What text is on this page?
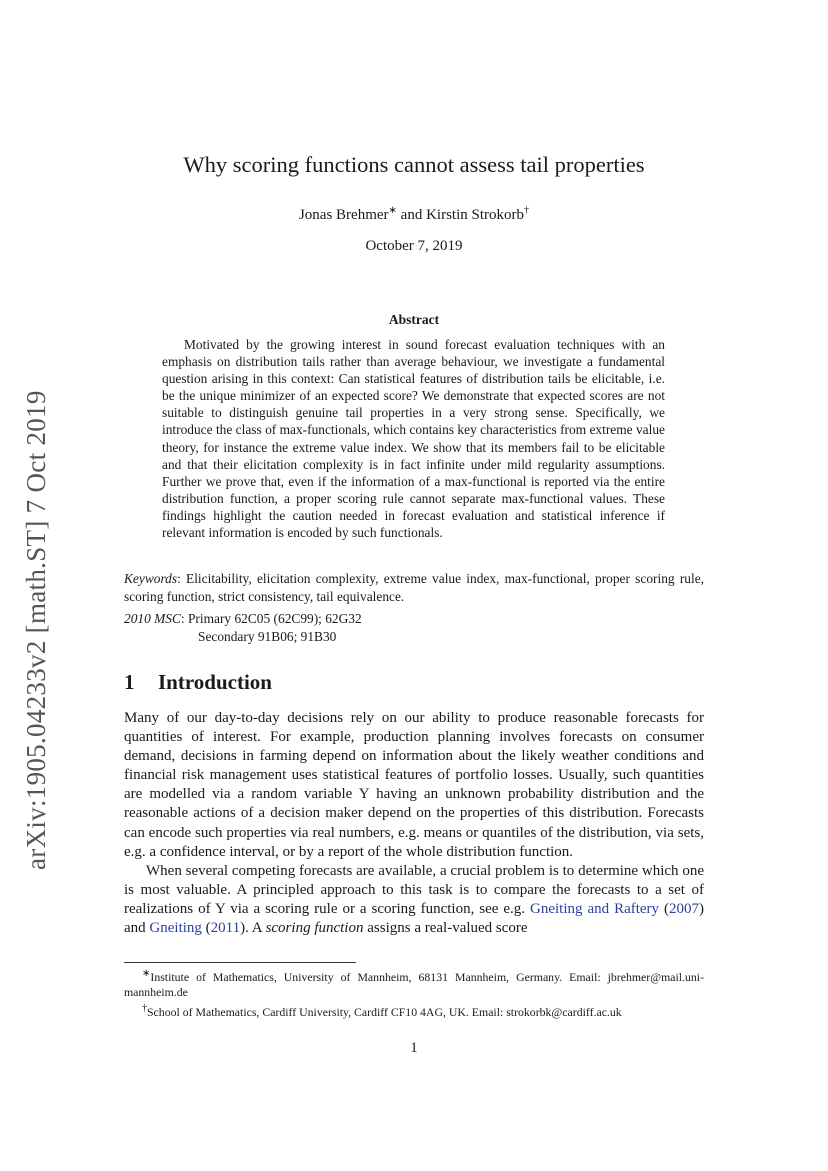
arXiv:1905.04233v2 [math.ST] 7 Oct 2019
Why scoring functions cannot assess tail properties
Jonas Brehmer∗ and Kirstin Strokorb†
October 7, 2019
Abstract

Motivated by the growing interest in sound forecast evaluation techniques with an emphasis on distribution tails rather than average behaviour, we investigate a fundamental question arising in this context: Can statistical features of distribution tails be elicitable, i.e. be the unique minimizer of an expected score? We demonstrate that expected scores are not suitable to distinguish genuine tail properties in a very strong sense. Specifically, we introduce the class of max-functionals, which contains key characteristics from extreme value theory, for instance the extreme value index. We show that its members fail to be elicitable and that their elicitation complexity is in fact infinite under mild regularity assumptions. Further we prove that, even if the information of a max-functional is reported via the entire distribution function, a proper scoring rule cannot separate max-functional values. These findings highlight the caution needed in forecast evaluation and statistical inference if relevant information is encoded by such functionals.

Keywords: Elicitability, elicitation complexity, extreme value index, max-functional, proper scoring rule, scoring function, strict consistency, tail equivalence.

2010 MSC: Primary 62C05 (62C99); 62G32
Secondary 91B06; 91B30
1 Introduction

Many of our day-to-day decisions rely on our ability to produce reasonable forecasts for quantities of interest. For example, production planning involves forecasts on consumer demand, decisions in farming depend on information about the likely weather conditions and financial risk management uses statistical features of portfolio losses. Usually, such quantities are modelled via a random variable Y having an unknown probability distribution and the reasonable actions of a decision maker depend on the properties of this distribution. Forecasts can encode such properties via real numbers, e.g. means or quantiles of the distribution, via sets, e.g. a confidence interval, or by a report of the whole distribution function.

When several competing forecasts are available, a crucial problem is to determine which one is most valuable. A principled approach to this task is to compare the forecasts to a set of realizations of Y via a scoring rule or a scoring function, see e.g. Gneiting and Raftery (2007) and Gneiting (2011). A scoring function assigns a real-valued score

∗Institute of Mathematics, University of Mannheim, 68131 Mannheim, Germany. Email: jbrehmer@mail.uni-mannheim.de

†School of Mathematics, Cardiff University, Cardiff CF10 4AG, UK. Email: strokorbk@cardiff.ac.uk

1
